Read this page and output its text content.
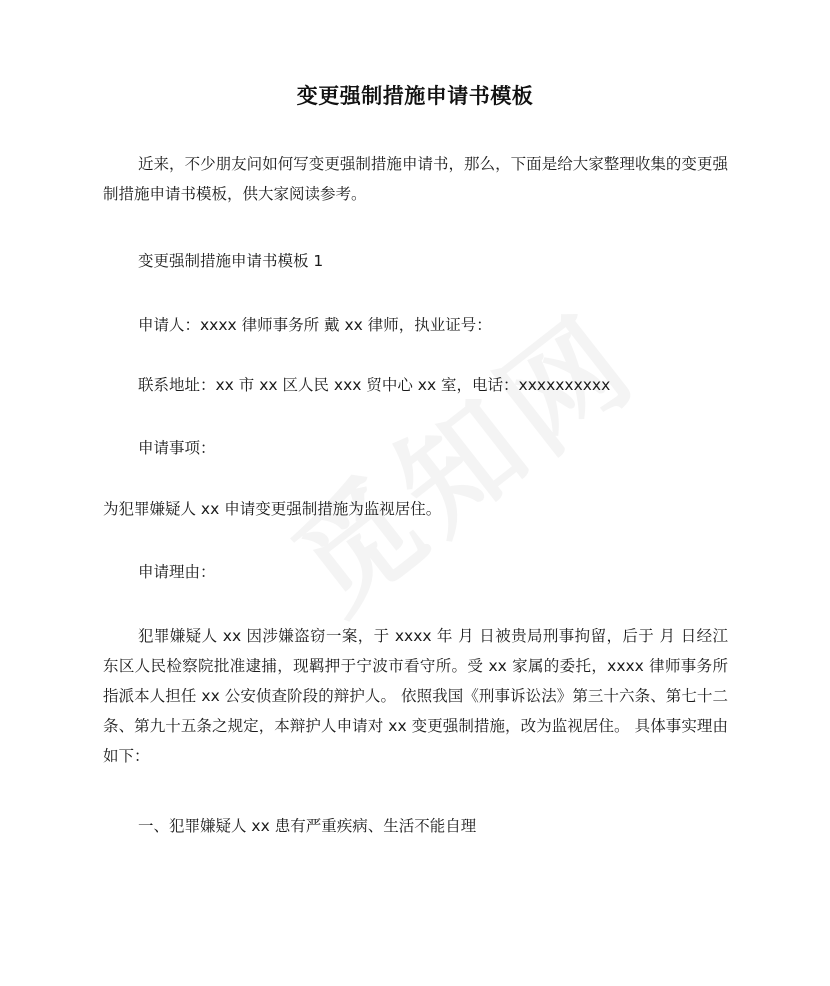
变更强制措施申请书模板

近来，不少朋友问如何写变更强制措施申请书，那么，下面是给大家整理收集的变更强制措施申请书模板，供大家阅读参考。

变更强制措施申请书模板 1

申请人：xxxx 律师事务所 戴 xx 律师，执业证号：

联系地址：xx 市 xx 区人民 xxx 贸中心 xx 室，电话：xxxxxxxxxx

申请事项：

为犯罪嫌疑人 xx 申请变更强制措施为监视居住。

申请理由：

犯罪嫌疑人 xx 因涉嫌盗窃一案，于 xxxx 年 月 日被贵局刑事拘留，后于 月 日经江东区人民检察院批准逮捕，现羁押于宁波市看守所。受 xx 家属的委托，xxxx 律师事务所指派本人担任 xx 公安侦查阶段的辩护人。 依照我国《刑事诉讼法》第三十六条、第七十二条、第九十五条之规定，本辩护人申请对 xx 变更强制措施，改为监视居住。 具体事实理由如下：

一、犯罪嫌疑人 xx 患有严重疾病、生活不能自理
